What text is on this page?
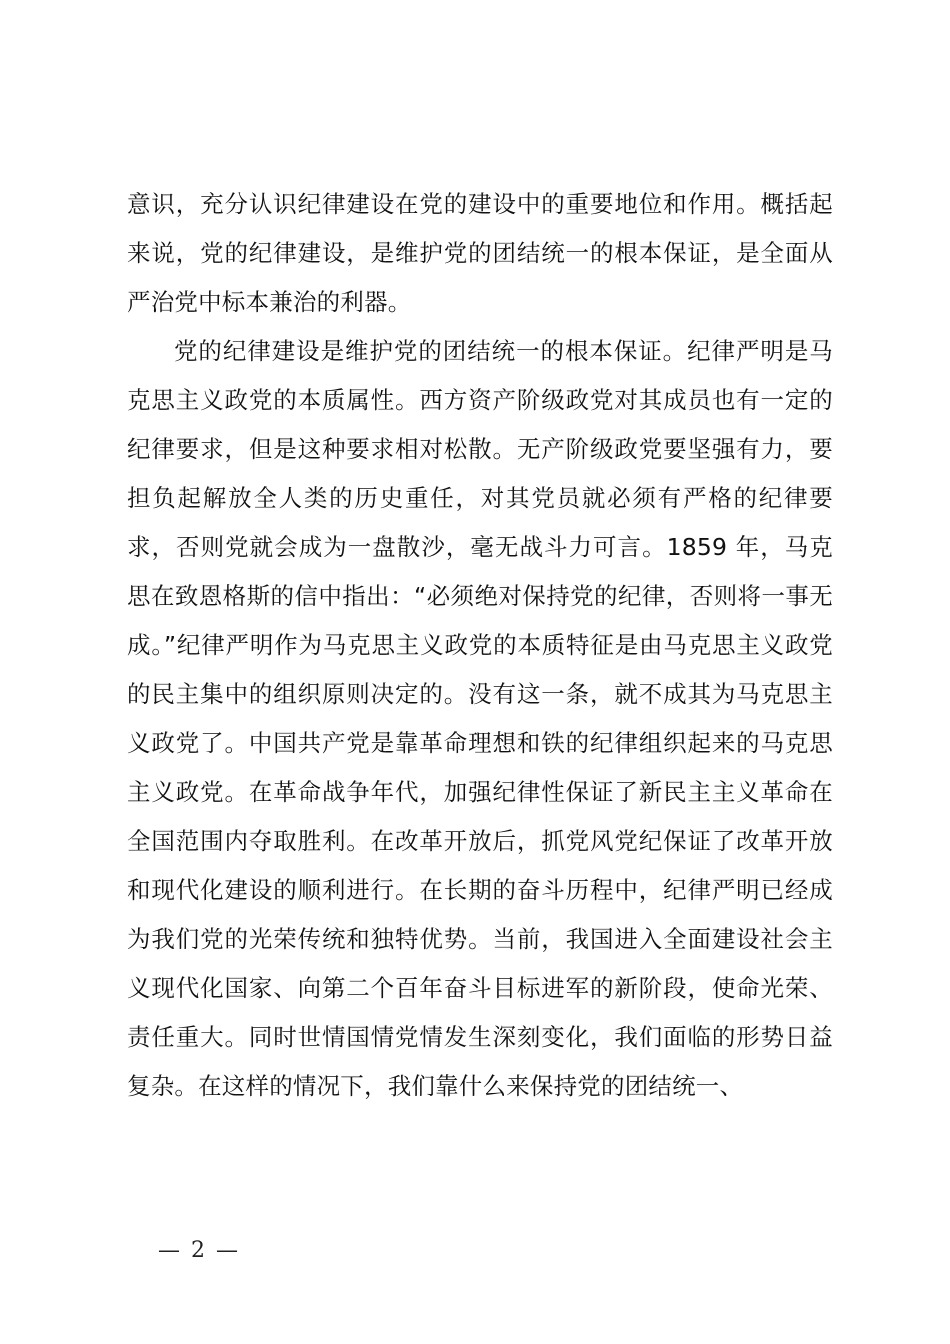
意识，充分认识纪律建设在党的建设中的重要地位和作用。概括起来说，党的纪律建设，是维护党的团结统一的根本保证，是全面从严治党中标本兼治的利器。

党的纪律建设是维护党的团结统一的根本保证。纪律严明是马克思主义政党的本质属性。西方资产阶级政党对其成员也有一定的纪律要求，但是这种要求相对松散。无产阶级政党要坚强有力，要担负起解放全人类的历史重任，对其党员就必须有严格的纪律要求，否则党就会成为一盘散沙，毫无战斗力可言。1859 年，马克思在致恩格斯的信中指出：“必须绝对保持党的纪律，否则将一事无成。”纪律严明作为马克思主义政党的本质特征是由马克思主义政党的民主集中的组织原则决定的。没有这一条，就不成其为马克思主义政党了。中国共产党是靠革命理想和铁的纪律组织起来的马克思主义政党。在革命战争年代，加强纪律性保证了新民主主义革命在全国范围内夺取胜利。在改革开放后，抓党风党纪保证了改革开放和现代化建设的顺利进行。在长期的奋斗历程中，纪律严明已经成为我们党的光荣传统和独特优势。当前，我国进入全面建设社会主义现代化国家、向第二个百年奋斗目标进军的新阶段，使命光荣、责任重大。同时世情国情党情发生深刻变化，我们面临的形势日益复杂。在这样的情况下，我们靠什么来保持党的团结统一、

— 2 —
